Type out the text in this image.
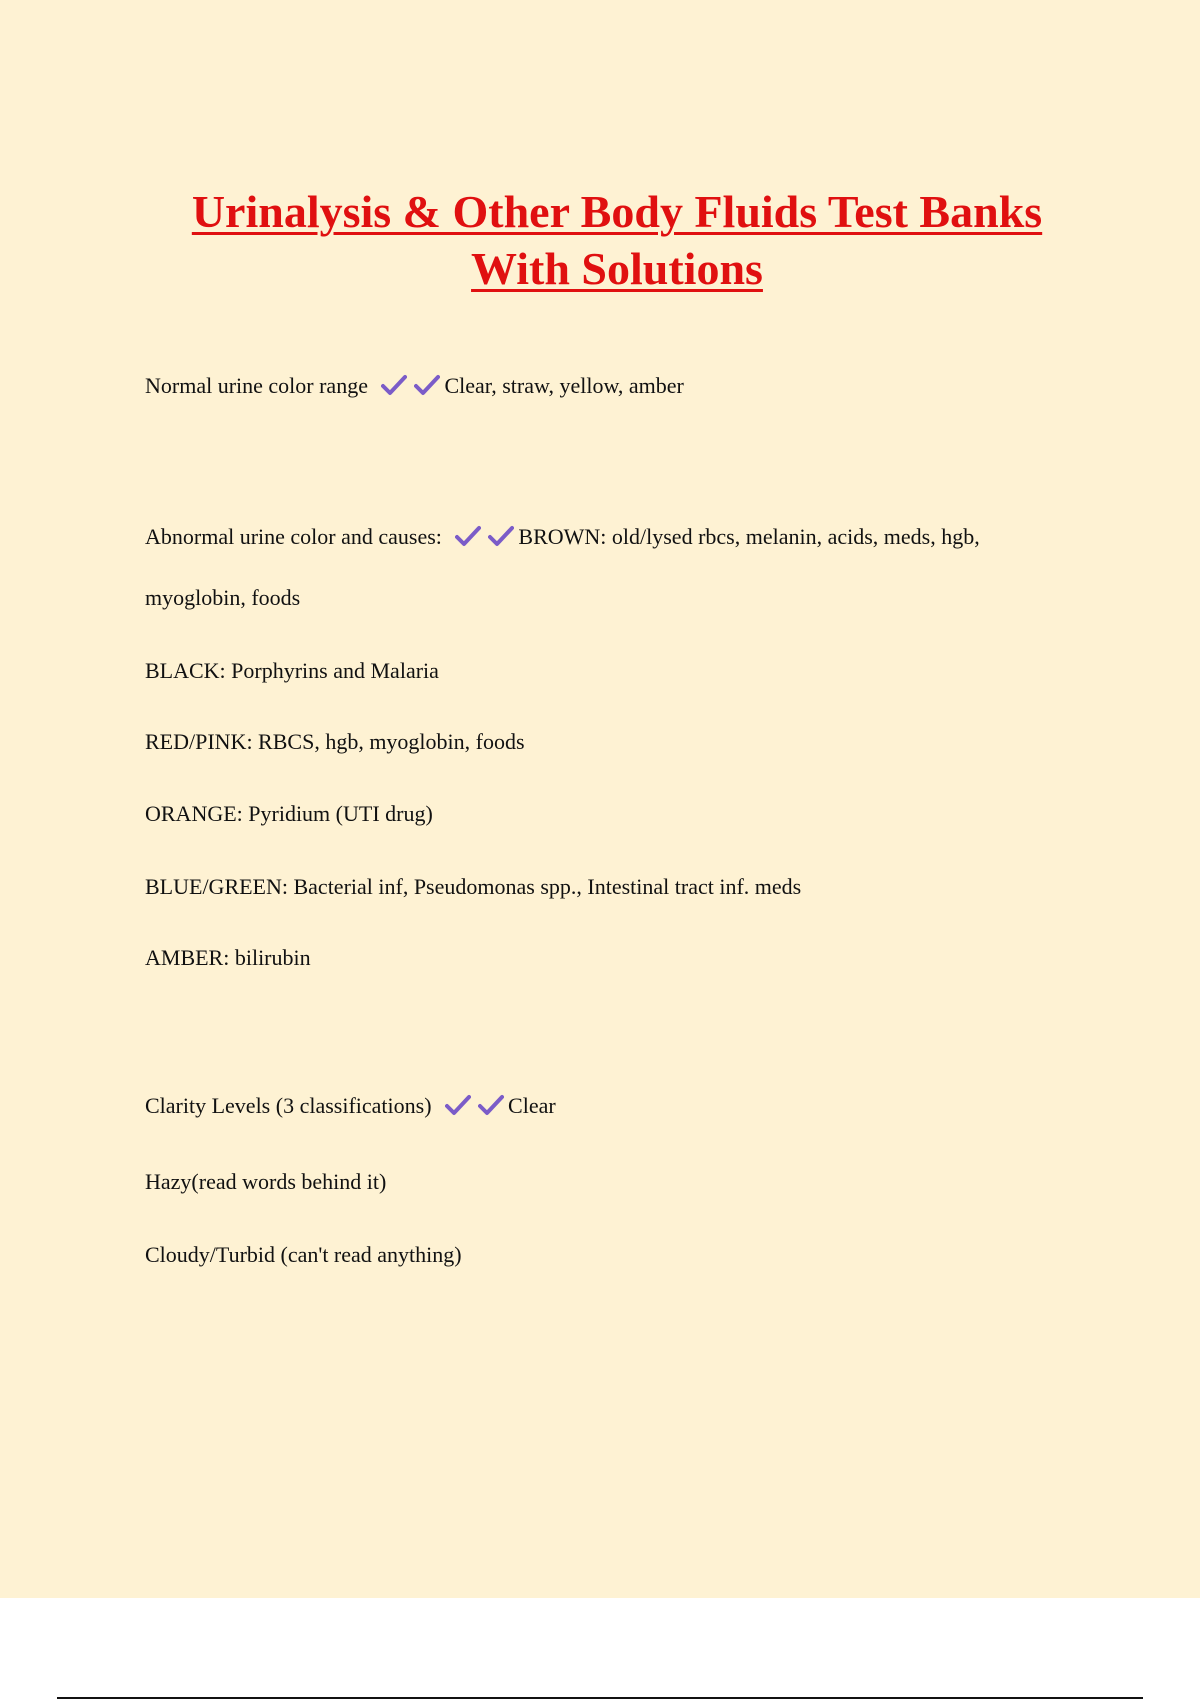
Urinalysis & Other Body Fluids Test Banks
With Solutions

Normal urine color range	Clear, straw, yellow, amber

Abnormal urine color and causes:	BROWN: old/lysed rbcs, melanin, acids, meds, hgb,

myoglobin, foods

BLACK: Porphyrins and Malaria

RED/PINK: RBCS, hgb, myoglobin, foods

ORANGE: Pyridium (UTI drug)

BLUE/GREEN: Bacterial inf, Pseudomonas spp., Intestinal tract inf. meds

AMBER: bilirubin

Clarity Levels (3 classifications)	Clear

Hazy(read words behind it)

Cloudy/Turbid (can't read anything)
